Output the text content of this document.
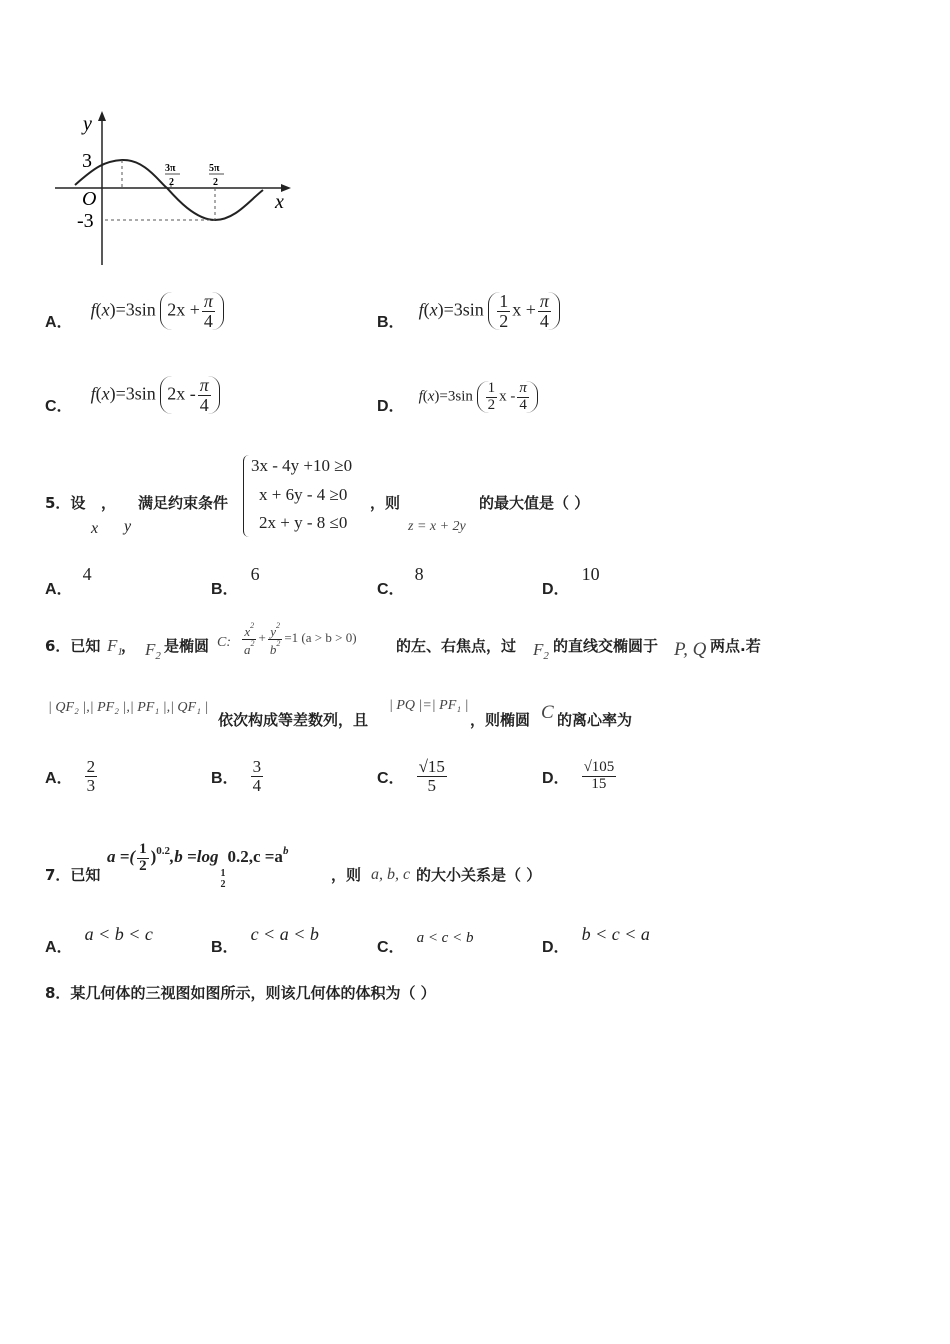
y
x
O
3
-3
3π
2
5π
2
A．
f(x)=3sin $2x + \frac{\pi}{4}$	B．
$f(x)=3\sin \frac{1}{2}$ $x + \frac{\pi}{4}$
C．
f(x)=3sin $2x - \frac{\pi}{4}$	D．
$f(x)=3\sin \frac{1}{2}$ x - $\frac{\pi}{4}$
5．设 ，
x y
满足约束条件
3x - 4y +10 ≥0
x + 6y - 4 ≥0
2x + y - 8 ≤0
，则
z = x + 2y
的最大值是（ ）
A．4
B．6
C．8
D．10
6．已知 $F_1$
， $F_2$
是椭圆 C: $\frac{x^2}{a^2} + \frac{y^2}{b^2} =1$ (a > b > 0)	的左、右焦点，过 $F_2$
的直线交椭圆于 P, Q 两点.若
| QF₂ |,| PF₂ |,| PF₁ |,| QF₁ |
依次构成等差数列，且
| PQ |=| PF₁ |
，则椭圆 C 的离心率为
A． $\frac{2}{3}$	B． $\frac{3}{4}$	C． $\frac{√15}{5}$	D． $\frac{√105}{15}$
7．已知
a =( $\frac{1}{2} )^{0.2},b =\log$
1
2
$0.2,c =a^b$
，则 a, b, c 的大小关系是（ ）
A．a < b < c
B．c < a < b
C．a < c < b
D．b < c < a
8．某几何体的三视图如图所示，则该几何体的体积为（ ）
